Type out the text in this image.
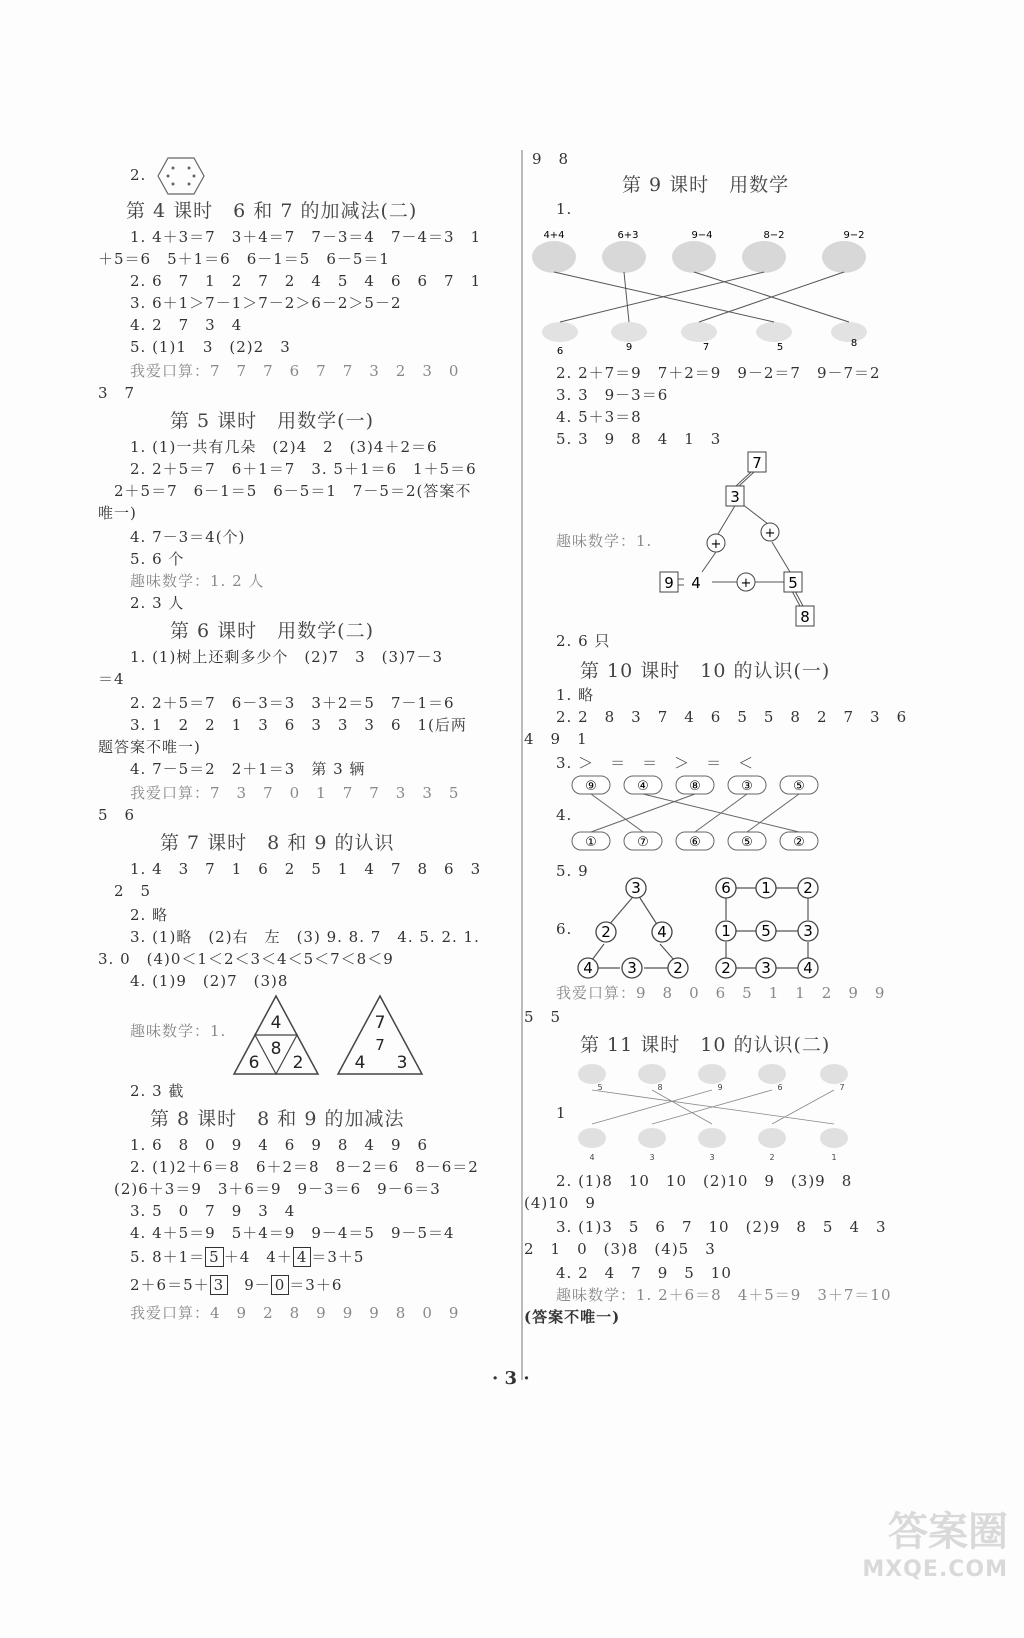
2.
第 4 课时　6 和 7 的加减法(二)
1. 4＋3＝7　3＋4＝7　7－3＝4　7－4＝3　1
＋5＝6　5＋1＝6　6－1＝5　6－5＝1
2. 6　7　1　2　7　2　4　5　4　6　6　7　1
3. 6＋1＞7－1＞7－2＞6－2＞5－2
4. 2　7　3　4
5. (1)1　3　(2)2　3
我爱口算：7　7　7　6　7　7　3　2　3　0
3　7
第 5 课时　用数学(一)
1. (1)一共有几朵　(2)4　2　(3)4＋2＝6
2. 2＋5＝7　6＋1＝7　3. 5＋1＝6　1＋5＝6
2＋5＝7　6－1＝5　6－5＝1　7－5＝2(答案不
唯一)
4. 7－3＝4(个)
5. 6 个
趣味数学：1. 2 人
2. 3 人
第 6 课时　用数学(二)
1. (1)树上还剩多少个　(2)7　3　(3)7－3
＝4
2. 2＋5＝7　6－3＝3　3＋2＝5　7－1＝6
3. 1　2　2　1　3　6　3　3　3　6　1(后两
题答案不唯一)
4. 7－5＝2　2＋1＝3　第 3 辆
我爱口算：7　3　7　0　1　7　7　3　3　5
5　6
第 7 课时　8 和 9 的认识
1. 4　3　7　1　6　2　5　1　4　7　8　6　3
2　5
2. 略
3. (1)略　(2)右　左　(3) 9. 8. 7　4. 5. 2. 1.
3. 0　(4)0＜1＜2＜3＜4＜5＜7＜8＜9
4. (1)9　(2)7　(3)8
趣味数学：1.	4
8
6 2
7
7
4 3
2. 3 截
第 8 课时　8 和 9 的加减法
1. 6　8　0　9　4　6　9　8　4　9　6
2. (1)2＋6＝8　6＋2＝8　8－2＝6　8－6＝2
(2)6＋3＝9　3＋6＝9　9－3＝6　9－6＝3
3. 5　0　7　9　3　4
4. 4＋5＝9　5＋4＝9　9－4＝5　9－5＝4
5. 8＋1＝ 5 ＋4　4＋ 4 ＝3＋5
2＋6＝5＋ 3　9－ 0 ＝3＋6
我爱口算：4　9　2　8　9　9　9　8　0　9
9　8
第 9 课时　用数学
1.
4+4	6+3	9−4	8−2	9−2
6	9	7	5	8
2. 2＋7＝9　7＋2＝9　9－2＝7　9－7＝2
3. 3　9－3＝6
4. 5＋3＝8
5. 3　9　8　4　1　3
趣味数学：1.
7
3
+
+
9 4	+ 5
8
2. 6 只
第 10 课时　10 的认识(一)
1. 略
2. 2　8　3　7　4　6　5　5　8　2　7　3　6
4　9　1
3. ＞　＝　＝　＞　＝　＜
⑨	④	⑧	③	⑤
①	⑦	⑥	⑤	②
4.
5. 9
6.
3
2	4
4 3 2
6 1 2
1 5 3
2 3 4
我爱口算：9　8　0　6　5　1　1　2　9　9
5　5
第 11 课时　10 的认识(二)
5	8	9	6	7
4	3	3	2	1
1
2. (1)8　10　10　(2)10　9　(3)9　8
(4)10　9
3. (1)3　5　6　7　10　(2)9　8　5　4　3
2　1　0　(3)8　(4)5　3
4. 2　4　7　9　5　10
趣味数学：1. 2＋6＝8　4＋5＝9　3＋7＝10
(答案不唯一)
· 3 ·
答案圈
MXQE.COM
